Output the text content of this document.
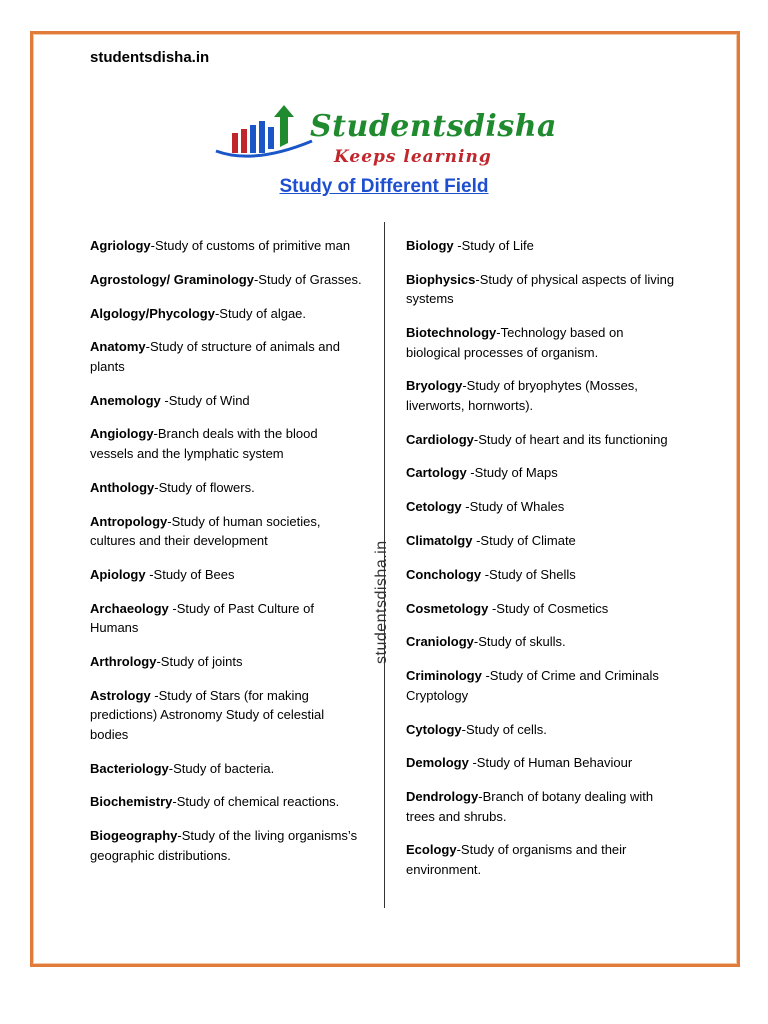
studentsdisha.in
Studentsdisha
Keeps learning
Study of Different Field
Agriology-Study of customs of primitive man
Agrostology/ Graminology-Study of Grasses.
Algology/Phycology-Study of algae.
Anatomy-Study of structure of animals and plants
Anemology -Study of Wind
Angiology-Branch deals with the blood vessels and the lymphatic system
Anthology-Study of flowers.
Antropology-Study of human societies, cultures and their development
Apiology -Study of Bees
Archaeology -Study of Past Culture of Humans
Arthrology-Study of joints
Astrology -Study of Stars (for making predictions) Astronomy Study of celestial bodies
Bacteriology-Study of bacteria.
Biochemistry-Study of chemical reactions.
Biogeography-Study of the living organisms’s geographic distributions.
studentsdisha.in
Biology -Study of Life
Biophysics-Study of physical aspects of living systems
Biotechnology-Technology based on biological processes of organism.
Bryology-Study of bryophytes (Mosses, liverworts, hornworts).
Cardiology-Study of heart and its functioning
Cartology -Study of Maps
Cetology -Study of Whales
Climatolgy -Study of Climate
Conchology -Study of Shells
Cosmetology -Study of Cosmetics
Craniology-Study of skulls.
Criminology -Study of Crime and Criminals Cryptology
Cytology-Study of cells.
Demology -Study of Human Behaviour
Dendrology-Branch of botany dealing with trees and shrubs.
Ecology-Study of organisms and their environment.
